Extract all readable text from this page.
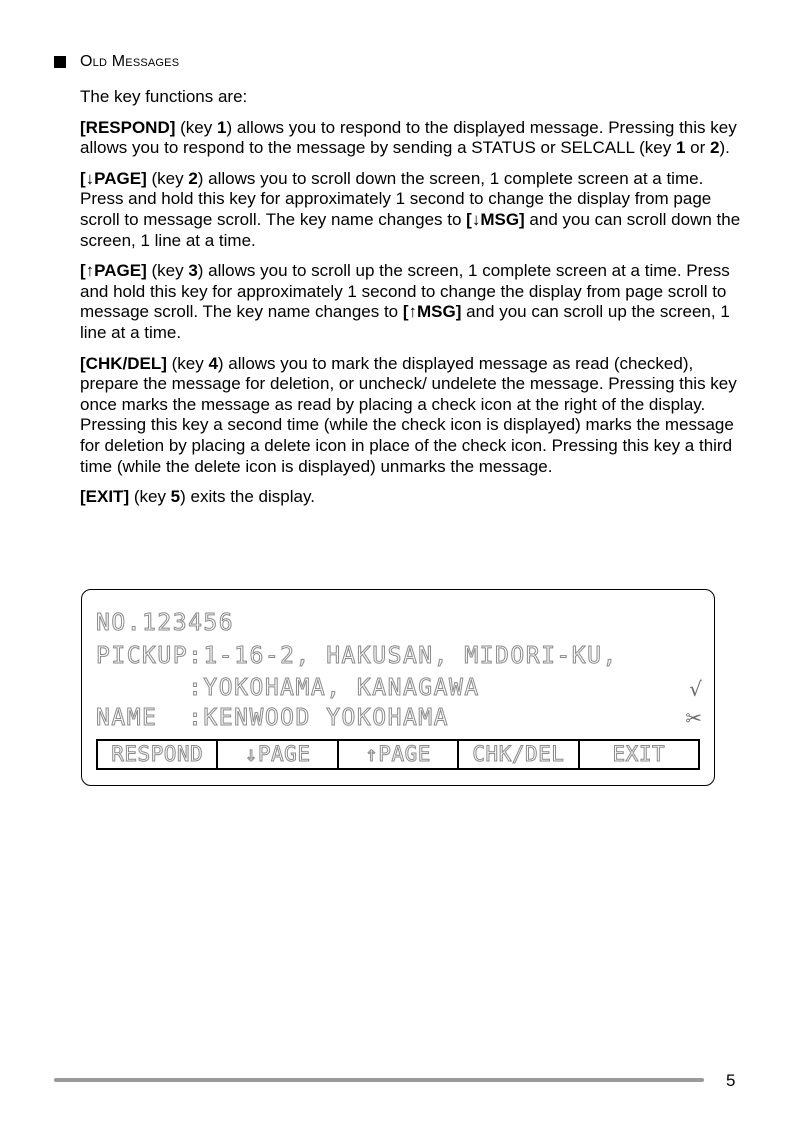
Old Messages

The key functions are:

[RESPOND] (key 1) allows you to respond to the displayed message. Pressing this key allows you to respond to the message by sending a STATUS or SELCALL (key 1 or 2).

[↓PAGE] (key 2) allows you to scroll down the screen, 1 complete screen at a time. Press and hold this key for approximately 1 second to change the display from page scroll to message scroll. The key name changes to [↓MSG] and you can scroll down the screen, 1 line at a time.

[↑PAGE] (key 3) allows you to scroll up the screen, 1 complete screen at a time. Press and hold this key for approximately 1 second to change the display from page scroll to message scroll. The key name changes to [↑MSG] and you can scroll up the screen, 1 line at a time.

[CHK/DEL] (key 4) allows you to mark the displayed message as read (checked), prepare the message for deletion, or uncheck/ undelete the message. Pressing this key once marks the message as read by placing a check icon at the right of the display. Pressing this key a second time (while the check icon is displayed) marks the message for deletion by placing a delete icon in place of the check icon. Pressing this key a third time (while the delete icon is displayed) unmarks the message.

[EXIT] (key 5) exits the display.

NO.123456
PICKUP:1-16-2, HAKUSAN, MIDORI-KU,
:YOKOHAMA, KANAGAWA	√
NAME  :KENWOOD YOKOHAMA	✂
RESPOND	↓PAGE	↑PAGE	CHK/DEL	EXIT
5
